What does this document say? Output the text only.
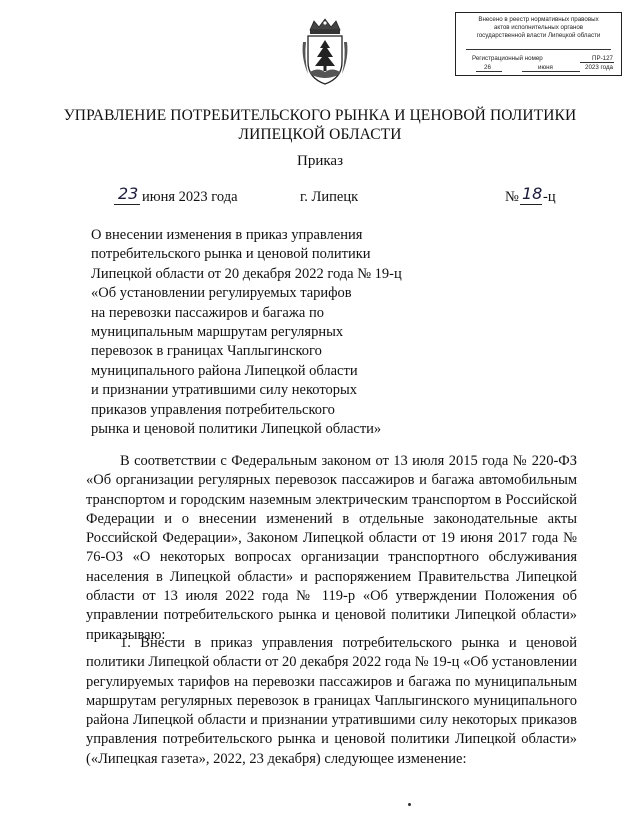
Внесено в реестр нормативных правовых
актов исполнительных органов
государственной власти Липецкой области
Регистрационный номер	ПР-127
26	июня	2023 года
УПРАВЛЕНИЕ ПОТРЕБИТЕЛЬСКОГО РЫНКА И ЦЕНОВОЙ ПОЛИТИКИ
ЛИПЕЦКОЙ ОБЛАСТИ
Приказ
23 июня 2023 года	г. Липецк	№ 18 -ц
О внесении изменения в приказ управления
потребительского рынка и ценовой политики
Липецкой области от 20 декабря 2022 года № 19-ц
«Об установлении регулируемых тарифов
на перевозки пассажиров и багажа по
муниципальным маршрутам регулярных
перевозок в границах Чаплыгинского
муниципального района Липецкой области
и признании утратившими силу некоторых
приказов управления потребительского
рынка и ценовой политики Липецкой области»
В соответствии с Федеральным законом от 13 июля 2015 года № 220-ФЗ «Об организации регулярных перевозок пассажиров и багажа автомобильным транспортом и городским наземным электрическим транспортом в Российской Федерации и о внесении изменений в отдельные законодательные акты Российской Федерации», Законом Липецкой области от 19 июня 2017 года № 76-ОЗ «О некоторых вопросах организации транспортного обслуживания населения в Липецкой области» и распоряжением Правительства Липецкой области от 13 июля 2022 года № 119-р «Об утверждении Положения об управлении потребительского рынка и ценовой политики Липецкой области» приказываю:
1. Внести в приказ управления потребительского рынка и ценовой политики Липецкой области от 20 декабря 2022 года № 19-ц «Об установлении регулируемых тарифов на перевозки пассажиров и багажа по муниципальным маршрутам регулярных перевозок в границах Чаплыгинского муниципального района Липецкой области и признании утратившими силу некоторых приказов управления потребительского рынка и ценовой политики Липецкой области» («Липецкая газета», 2022, 23 декабря) следующее изменение:
